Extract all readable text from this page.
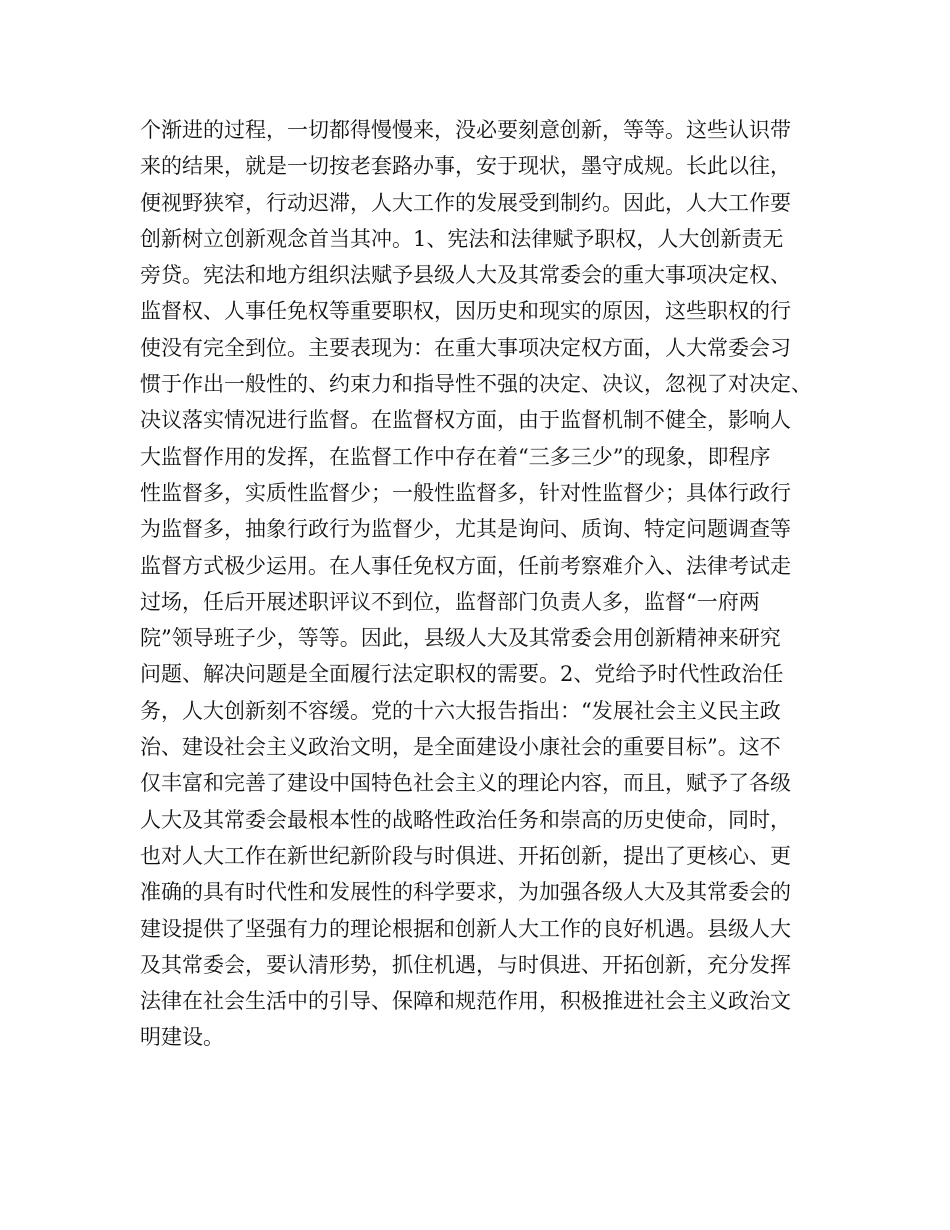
个渐进的过程，一切都得慢慢来，没必要刻意创新，等等。这些认识带
来的结果，就是一切按老套路办事，安于现状，墨守成规。长此以往，
便视野狭窄，行动迟滞，人大工作的发展受到制约。因此，人大工作要
创新树立创新观念首当其冲。1、宪法和法律赋予职权，人大创新责无
旁贷。宪法和地方组织法赋予县级人大及其常委会的重大事项决定权、
监督权、人事任免权等重要职权，因历史和现实的原因，这些职权的行
使没有完全到位。主要表现为：在重大事项决定权方面，人大常委会习
惯于作出一般性的、约束力和指导性不强的决定、决议，忽视了对决定、
决议落实情况进行监督。在监督权方面，由于监督机制不健全，影响人
大监督作用的发挥，在监督工作中存在着“三多三少”的现象，即程序
性监督多，实质性监督少；一般性监督多，针对性监督少；具体行政行
为监督多，抽象行政行为监督少，尤其是询问、质询、特定问题调查等
监督方式极少运用。在人事任免权方面，任前考察难介入、法律考试走
过场，任后开展述职评议不到位，监督部门负责人多，监督“一府两
院”领导班子少，等等。因此，县级人大及其常委会用创新精神来研究
问题、解决问题是全面履行法定职权的需要。2、党给予时代性政治任
务，人大创新刻不容缓。党的十六大报告指出：“发展社会主义民主政
治、建设社会主义政治文明，是全面建设小康社会的重要目标”。这不
仅丰富和完善了建设中国特色社会主义的理论内容，而且，赋予了各级
人大及其常委会最根本性的战略性政治任务和崇高的历史使命，同时，
也对人大工作在新世纪新阶段与时俱进、开拓创新，提出了更核心、更
准确的具有时代性和发展性的科学要求，为加强各级人大及其常委会的
建设提供了坚强有力的理论根据和创新人大工作的良好机遇。县级人大
及其常委会，要认清形势，抓住机遇，与时俱进、开拓创新，充分发挥
法律在社会生活中的引导、保障和规范作用，积极推进社会主义政治文
明建设。
